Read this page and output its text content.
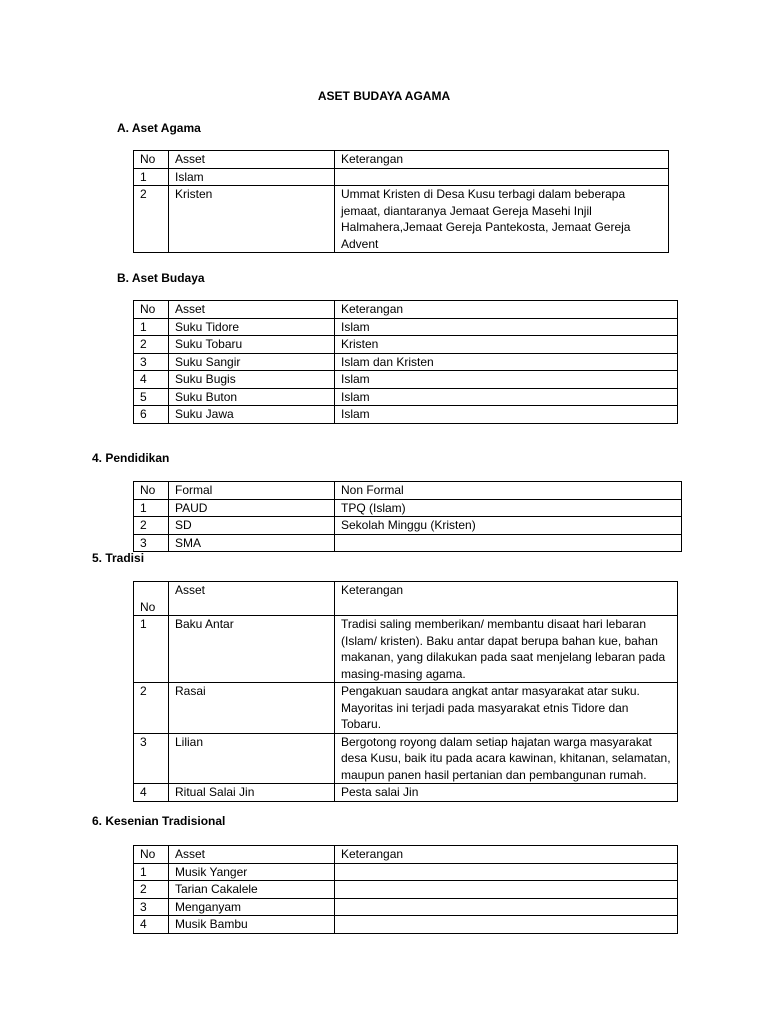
ASET BUDAYA AGAMA
A. Aset Agama
No	Asset	Keterangan
1	Islam	
2	Kristen	Ummat Kristen di Desa Kusu terbagi dalam beberapa jemaat, diantaranya Jemaat Gereja Masehi Injil Halmahera,Jemaat Gereja Pantekosta, Jemaat Gereja Advent
B. Aset Budaya
No	Asset	Keterangan
1	Suku Tidore	Islam
2	Suku Tobaru	Kristen
3	Suku Sangir	Islam dan Kristen
4	Suku Bugis	Islam
5	Suku Buton	Islam
6	Suku Jawa	Islam
4. Pendidikan
No	Formal	Non Formal
1	PAUD	TPQ (Islam)
2	SD	Sekolah Minggu (Kristen)
3	SMA	
5. Tradisi
No	Asset	Keterangan
1	Baku Antar	Tradisi saling memberikan/ membantu disaat hari lebaran (Islam/ kristen). Baku antar dapat berupa bahan kue, bahan makanan, yang dilakukan pada saat menjelang lebaran pada masing-masing agama.
2	Rasai	Pengakuan saudara angkat antar masyarakat atar suku. Mayoritas ini terjadi pada masyarakat etnis Tidore dan Tobaru.
3	Lilian	Bergotong royong dalam setiap hajatan warga masyarakat desa Kusu, baik itu pada acara kawinan, khitanan, selamatan, maupun panen hasil pertanian dan pembangunan rumah.
4	Ritual Salai Jin	Pesta salai Jin
6. Kesenian Tradisional
No	Asset	Keterangan
1	Musik Yanger	
2	Tarian Cakalele	
3	Menganyam	
4	Musik Bambu	
